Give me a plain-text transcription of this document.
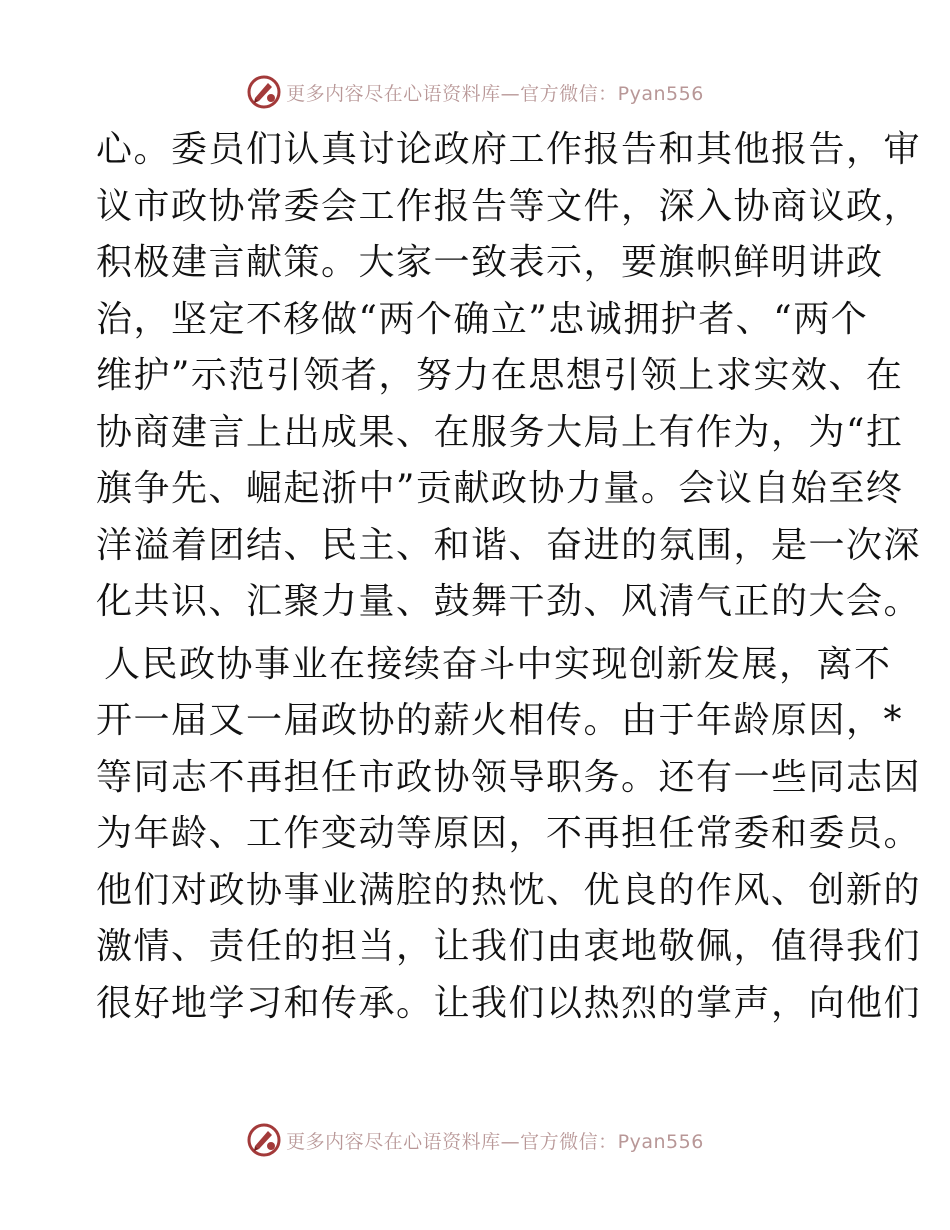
更多内容尽在心语资料库—官方微信：Pyan556
心。委员们认真讨论政府工作报告和其他报告，审
议市政协常委会工作报告等文件，深入协商议政，
积极建言献策。大家一致表示，要旗帜鲜明讲政
治，坚定不移做“两个确立”忠诚拥护者、“两个
维护”示范引领者，努力在思想引领上求实效、在
协商建言上出成果、在服务大局上有作为，为“扛
旗争先、崛起浙中”贡献政协力量。会议自始至终
洋溢着团结、民主、和谐、奋进的氛围，是一次深
化共识、汇聚力量、鼓舞干劲、风清气正的大会。
人民政协事业在接续奋斗中实现创新发展，离不
开一届又一届政协的薪火相传。由于年龄原因，*
等同志不再担任市政协领导职务。还有一些同志因
为年龄、工作变动等原因，不再担任常委和委员。
他们对政协事业满腔的热忱、优良的作风、创新的
激情、责任的担当，让我们由衷地敬佩，值得我们
很好地学习和传承。让我们以热烈的掌声，向他们
更多内容尽在心语资料库—官方微信：Pyan556
